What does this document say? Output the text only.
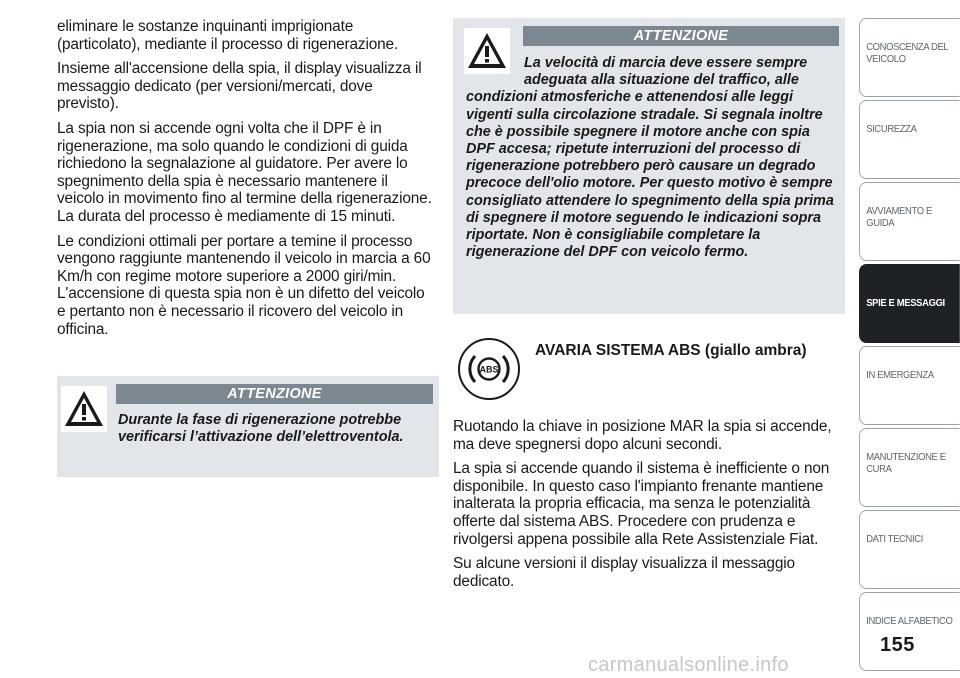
eliminare le sostanze inquinanti imprigionate (particolato), mediante il processo di rigenerazione.

Insieme all'accensione della spia, il display visualizza il messaggio dedicato (per versioni/mercati, dove previsto).

La spia non si accende ogni volta che il DPF è in rigenerazione, ma solo quando le condizioni di guida richiedono la segnalazione al guidatore. Per avere lo spegnimento della spia è necessario mantenere il veicolo in movimento fino al termine della rigenerazione. La durata del processo è mediamente di 15 minuti.

Le condizioni ottimali per portare a temine il processo vengono raggiunte mantenendo il veicolo in marcia a 60 Km/h con regime motore superiore a 2000 giri/min. L'accensione di questa spia non è un difetto del veicolo e pertanto non è necessario il ricovero del veicolo in officina.

ATTENZIONE
Durante la fase di rigenerazione potrebbe verificarsi l’attivazione dell’elettroventola.
ATTENZIONE
La velocità di marcia deve essere sempre adeguata alla situazione del traffico, alle condizioni atmosferiche e attenendosi alle leggi vigenti sulla circolazione stradale. Si segnala inoltre che è possibile spegnere il motore anche con spia DPF accesa; ripetute interruzioni del processo di rigenerazione potrebbero però causare un degrado precoce dell'olio motore. Per questo motivo è sempre consigliato attendere lo spegnimento della spia prima di spegnere il motore seguendo le indicazioni sopra riportate. Non è consigliabile completare la rigenerazione del DPF con veicolo fermo.
ABS
AVARIA SISTEMA ABS (giallo ambra)

Ruotando la chiave in posizione MAR la spia si accende, ma deve spegnersi dopo alcuni secondi.

La spia si accende quando il sistema è inefficiente o non disponibile. In questo caso l'impianto frenante mantiene inalterata la propria efficacia, ma senza le potenzialità offerte dal sistema ABS. Procedere con prudenza e rivolgersi appena possibile alla Rete Assistenziale Fiat.

Su alcune versioni il display visualizza il messaggio dedicato.

CONOSCENZA DEL VEICOLO
SICUREZZA
AVVIAMENTO E GUIDA
SPIE E MESSAGGI
IN EMERGENZA
MANUTENZIONE E CURA
DATI TECNICI
INDICE ALFABETICO
155
carmanualsonline.info
